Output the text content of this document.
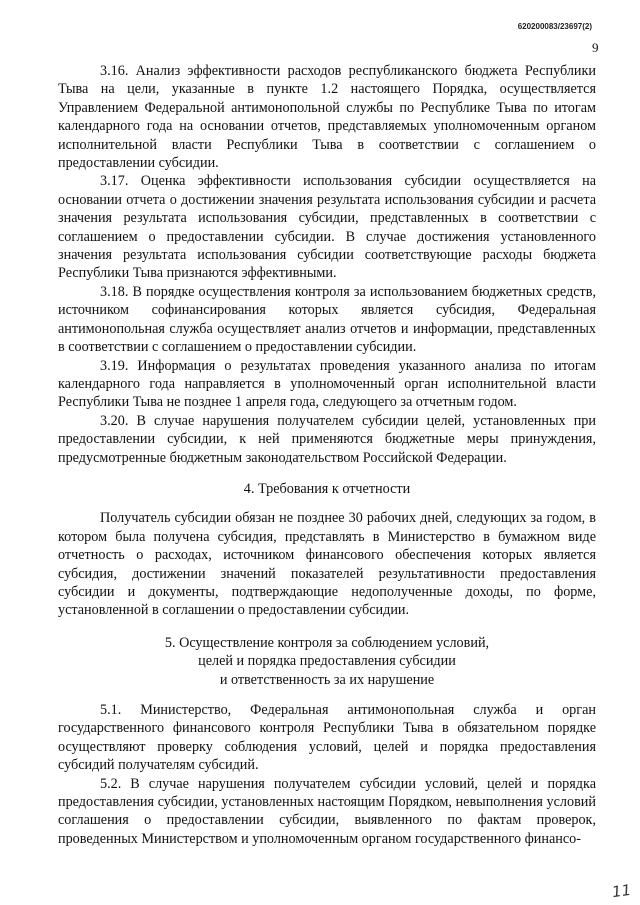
620200083/23697(2)
9

3.16. Анализ эффективности расходов республиканского бюджета Республики Тыва на цели, указанные в пункте 1.2 настоящего Порядка, осуществляется Управлением Федеральной антимонопольной службы по Республике Тыва по итогам календарного года на основании отчетов, представляемых уполномоченным органом исполнительной власти Республики Тыва в соответствии с соглашением о предоставлении субсидии.

3.17. Оценка эффективности использования субсидии осуществляется на основании отчета о достижении значения результата использования субсидии и расчета значения результата использования субсидии, представленных в соответствии с соглашением о предоставлении субсидии. В случае достижения установленного значения результата использования субсидии соответствующие расходы бюджета Республики Тыва признаются эффективными.

3.18. В порядке осуществления контроля за использованием бюджетных средств, источником софинансирования которых является субсидия, Федеральная антимонопольная служба осуществляет анализ отчетов и информации, представленных в соответствии с соглашением о предоставлении субсидии.

3.19. Информация о результатах проведения указанного анализа по итогам календарного года направляется в уполномоченный орган исполнительной власти Республики Тыва не позднее 1 апреля года, следующего за отчетным годом.

3.20. В случае нарушения получателем субсидии целей, установленных при предоставлении субсидии, к ней применяются бюджетные меры принуждения, предусмотренные бюджетным законодательством Российской Федерации.

4. Требования к отчетности

Получатель субсидии обязан не позднее 30 рабочих дней, следующих за годом, в котором была получена субсидия, представлять в Министерство в бумажном виде отчетность о расходах, источником финансового обеспечения которых является субсидия, достижении значений показателей результативности предоставления субсидии и документы, подтверждающие недополученные доходы, по форме, установленной в соглашении о предоставлении субсидии.

5. Осуществление контроля за соблюдением условий,
целей и порядка предоставления субсидии
и ответственность за их нарушение

5.1. Министерство, Федеральная антимонопольная служба и орган государственного финансового контроля Республики Тыва в обязательном порядке осуществляют проверку соблюдения условий, целей и порядка предоставления субсидий получателям субсидий.

5.2. В случае нарушения получателем субсидии условий, целей и порядка предоставления субсидии, установленных настоящим Порядком, невыполнения условий соглашения о предоставлении субсидии, выявленного по фактам проверок, проведенных Министерством и уполномоченным органом государственного финансо-

11
